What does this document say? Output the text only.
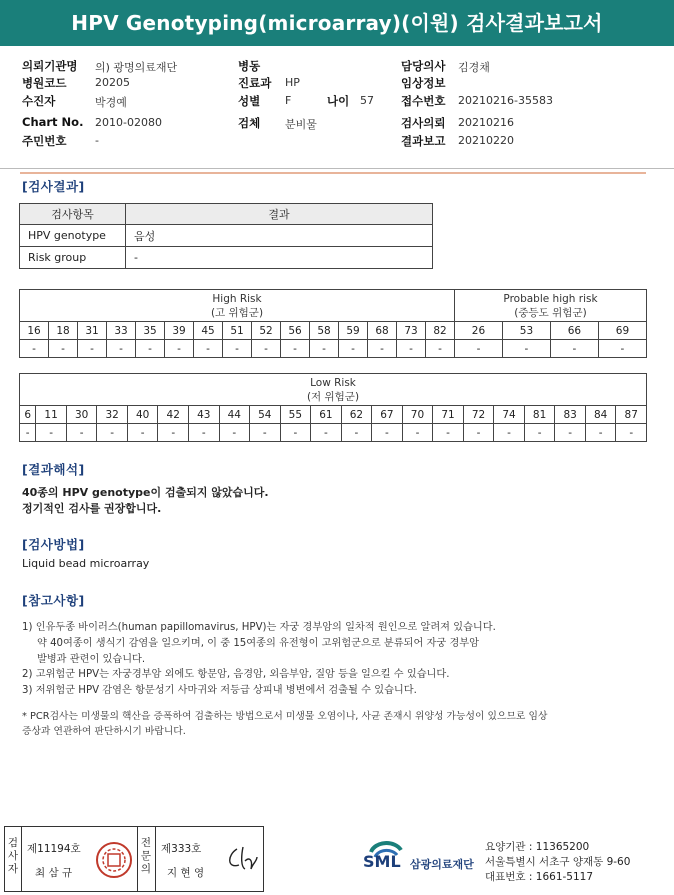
HPV Genotyping(microarray)(이원) 검사결과보고서
의뢰기관명 의) 광명의료재단
병원코드	20205
수진자	박경예
Chart No. 2010-02080
주민번호	-
병동
진료과 HP
성별 F
검체 분비물
나이 57
담당의사 김경채
임상정보
접수번호 20210216-35583
검사의뢰 20210216
결과보고 20210220
[검사결과]
검사항목	결과
HPV genotype	음성
Risk group	-
High Risk
(고 위험군)															Probable high risk
(중등도 위험군)			
16	18	31	33	35	39	45	51	52	56	58	59	68	73	82	26	53	66	69
-	-	-	-	-	-	-	-	-	-	-	-	-	-	-	-	-	-	-
Low Risk
(저 위험군)																				
6	11	30	32	40	42	43	44	54	55	61	62	67	70	71	72	74	81	83	84	87
-	-	-	-	-	-	-	-	-	-	-	-	-	-	-	-	-	-	-	-	-
[결과해석]
40종의 HPV genotype이 검출되지 않았습니다.
정기적인 검사를 권장합니다.
[검사방법]
Liquid bead microarray
[참고사항]
1) 인유두종 바이러스(human papillomavirus, HPV)는 자궁 경부암의 일차적 원인으로 알려져 있습니다.
약 40여종이 생식기 감염을 일으키며, 이 중 15여종의 유전형이 고위험군으로 분류되어 자궁 경부암
발병과 관련이 있습니다.
2) 고위험군 HPV는 자궁경부암 외에도 항문암, 음경암, 외음부암, 질암 등을 일으킬 수 있습니다.
3) 저위험군 HPV 감염은 항문성기 사마귀와 저등급 상피내 병변에서 검출될 수 있습니다.
* PCR검사는 미생물의 핵산을 증폭하여 검출하는 방법으로서 미생물 오염이나, 사균 존재시 위양성 가능성이 있으므로 임상
증상과 연관하여 판단하시기 바랍니다.
검
사
자
제11194호
최 삼 규
전
문
의
제333호
지 현 영
SML 삼광의료재단
요양기관 : 11365200
서울특별시 서초구 양재동 9-60
대표번호 : 1661-5117
